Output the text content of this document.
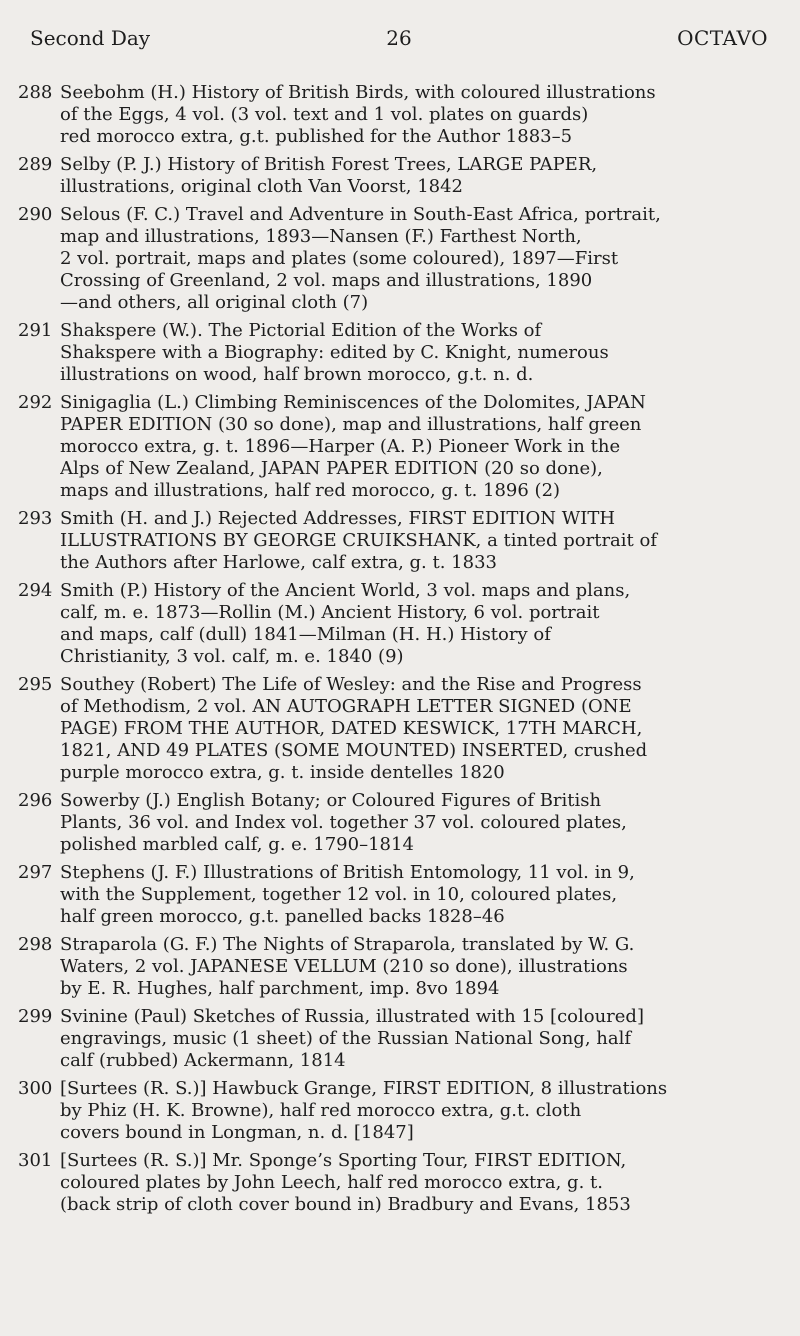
Second Day	26	OCTAVO
288 Seebohm (H.) History of British Birds, with coloured illustrations
of the Eggs, 4 vol. (3 vol. text and 1 vol. plates on guards)
red morocco extra, g.t. published for the Author 1883–5
289 Selby (P. J.) History of British Forest Trees, LARGE PAPER,
illustrations, original cloth Van Voorst, 1842
290 Selous (F. C.) Travel and Adventure in South-East Africa, portrait,
map and illustrations, 1893—Nansen (F.) Farthest North,
2 vol. portrait, maps and plates (some coloured), 1897—First
Crossing of Greenland, 2 vol. maps and illustrations, 1890
—and others, all original cloth (7)
291 Shakspere (W.). The Pictorial Edition of the Works of
Shakspere with a Biography: edited by C. Knight, numerous
illustrations on wood, half brown morocco, g.t. n. d.
292 Sinigaglia (L.) Climbing Reminiscences of the Dolomites, JAPAN
PAPER EDITION (30 so done), map and illustrations, half green
morocco extra, g. t. 1896—Harper (A. P.) Pioneer Work in the
Alps of New Zealand, JAPAN PAPER EDITION (20 so done),
maps and illustrations, half red morocco, g. t. 1896 (2)
293 Smith (H. and J.) Rejected Addresses, FIRST EDITION WITH
ILLUSTRATIONS BY GEORGE CRUIKSHANK, a tinted portrait of
the Authors after Harlowe, calf extra, g. t. 1833
294 Smith (P.) History of the Ancient World, 3 vol. maps and plans,
calf, m. e. 1873—Rollin (M.) Ancient History, 6 vol. portrait
and maps, calf (dull) 1841—Milman (H. H.) History of
Christianity, 3 vol. calf, m. e. 1840 (9)
295 Southey (Robert) The Life of Wesley: and the Rise and Progress
of Methodism, 2 vol. AN AUTOGRAPH LETTER SIGNED (ONE
PAGE) FROM THE AUTHOR, DATED KESWICK, 17TH MARCH,
1821, AND 49 PLATES (SOME MOUNTED) INSERTED, crushed
purple morocco extra, g. t. inside dentelles 1820
296 Sowerby (J.) English Botany; or Coloured Figures of British
Plants, 36 vol. and Index vol. together 37 vol. coloured plates,
polished marbled calf, g. e. 1790–1814
297 Stephens (J. F.) Illustrations of British Entomology, 11 vol. in 9,
with the Supplement, together 12 vol. in 10, coloured plates,
half green morocco, g.t. panelled backs 1828–46
298 Straparola (G. F.) The Nights of Straparola, translated by W. G.
Waters, 2 vol. JAPANESE VELLUM (210 so done), illustrations
by E. R. Hughes, half parchment, imp. 8vo 1894
299 Svinine (Paul) Sketches of Russia, illustrated with 15 [coloured]
engravings, music (1 sheet) of the Russian National Song, half
calf (rubbed) Ackermann, 1814
300 [Surtees (R. S.)] Hawbuck Grange, FIRST EDITION, 8 illustrations
by Phiz (H. K. Browne), half red morocco extra, g.t. cloth
covers bound in Longman, n. d. [1847]
301 [Surtees (R. S.)] Mr. Sponge’s Sporting Tour, FIRST EDITION,
coloured plates by John Leech, half red morocco extra, g. t.
(back strip of cloth cover bound in) Bradbury and Evans, 1853
